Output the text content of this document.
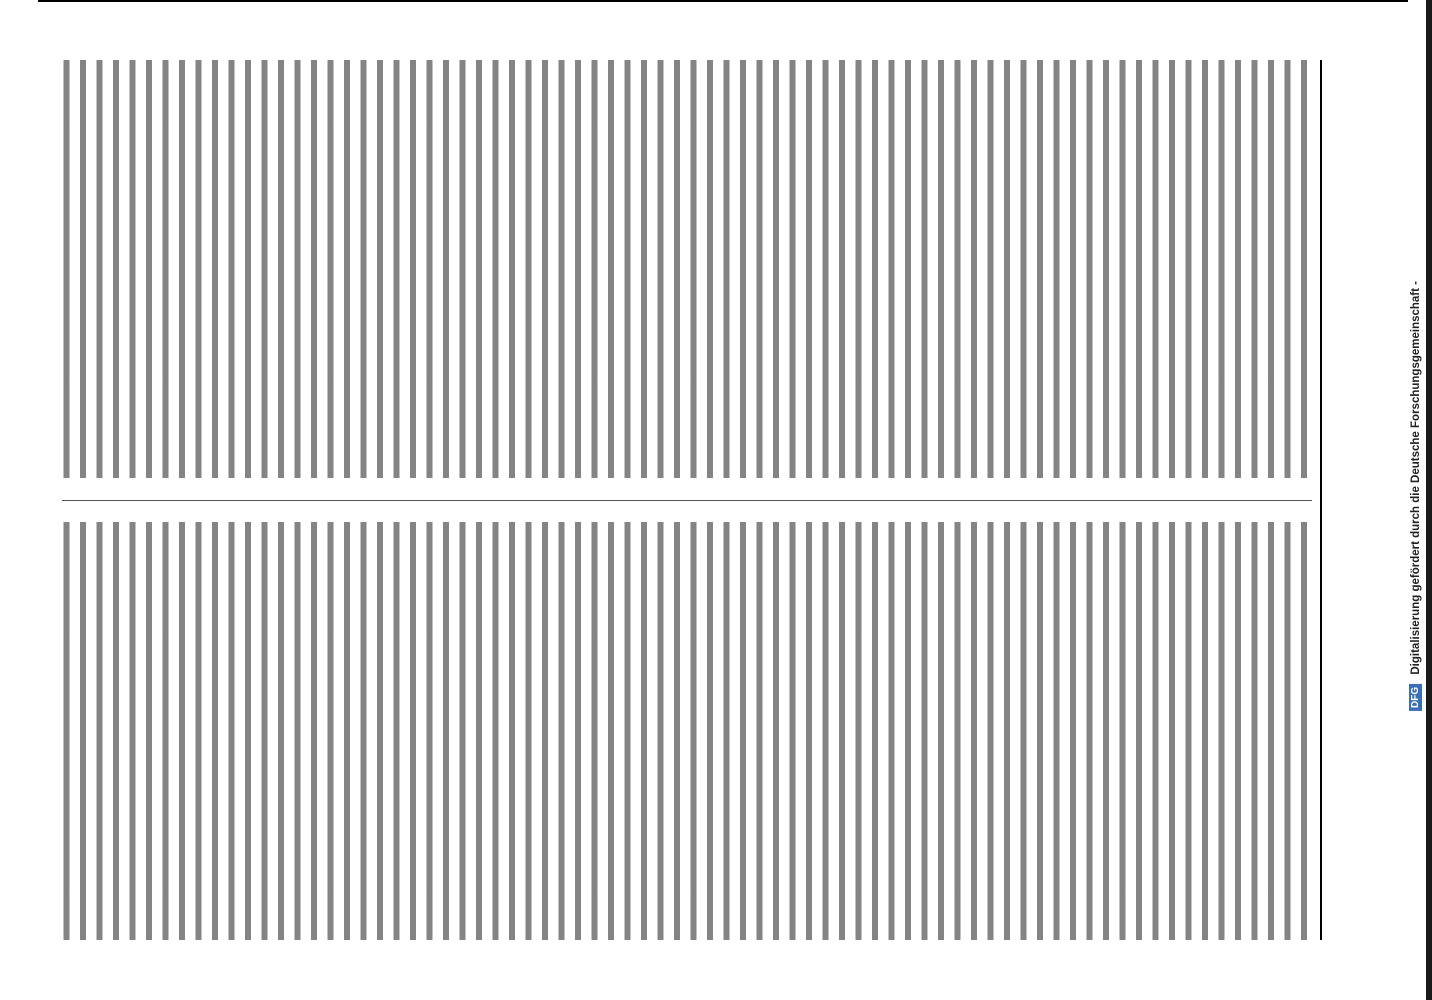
DFG Digitalisierung gefördert durch die Deutsche Forschungsgemeinschaft -
